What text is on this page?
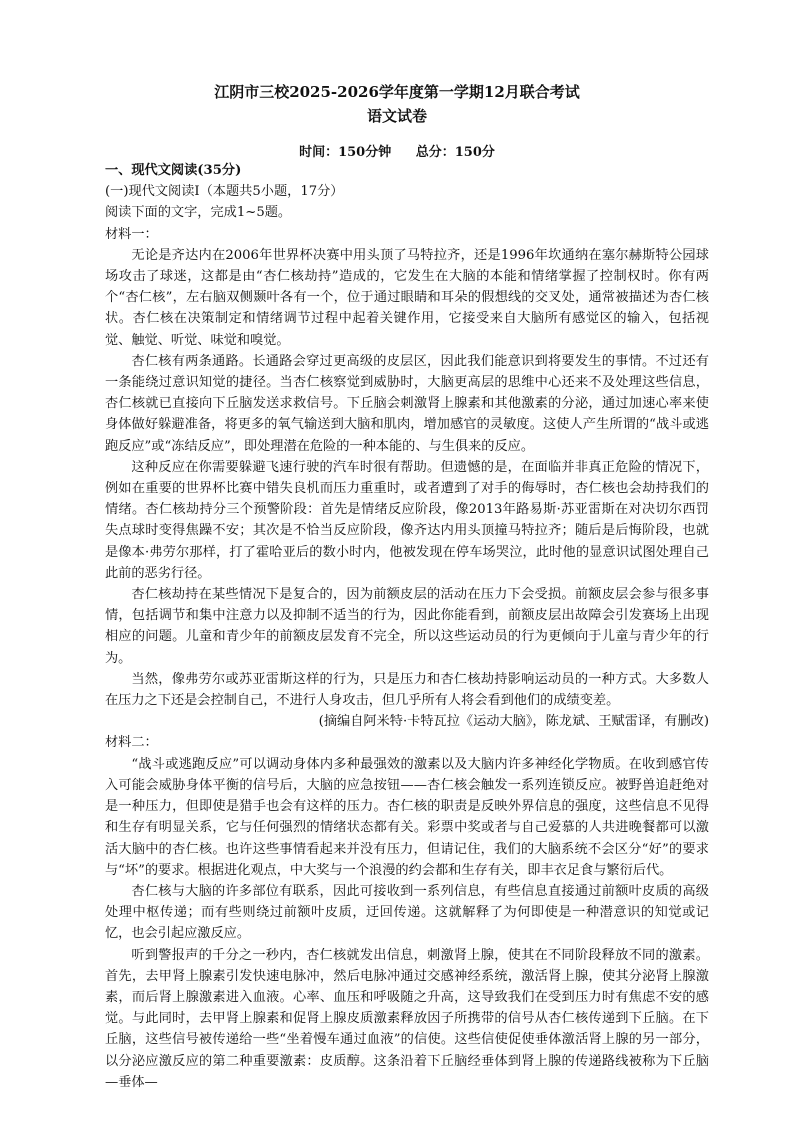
江阴市三校2025-2026学年度第一学期12月联合考试
语文试卷
时间：150分钟 总分：150分

一、现代文阅读(35分)

(一)现代文阅读Ⅰ（本题共5小题，17分）

阅读下面的文字，完成1~5题。

材料一：

无论是齐达内在2006年世界杯决赛中用头顶了马特拉齐，还是1996年坎通纳在塞尔赫斯特公园球场攻击了球迷，这都是由“杏仁核劫持”造成的，它发生在大脑的本能和情绪掌握了控制权时。你有两个“杏仁核”，左右脑双侧颞叶各有一个，位于通过眼睛和耳朵的假想线的交叉处，通常被描述为杏仁核状。杏仁核在决策制定和情绪调节过程中起着关键作用，它接受来自大脑所有感觉区的输入，包括视觉、触觉、听觉、味觉和嗅觉。

杏仁核有两条通路。长通路会穿过更高级的皮层区，因此我们能意识到将要发生的事情。不过还有一条能绕过意识知觉的捷径。当杏仁核察觉到威胁时，大脑更高层的思维中心还来不及处理这些信息，杏仁核就已直接向下丘脑发送求救信号。下丘脑会刺激肾上腺素和其他激素的分泌，通过加速心率来使身体做好躲避准备，将更多的氧气输送到大脑和肌肉，增加感官的灵敏度。这使人产生所谓的“战斗或逃跑反应”或“冻结反应”，即处理潜在危险的一种本能的、与生俱来的反应。

这种反应在你需要躲避飞速行驶的汽车时很有帮助。但遗憾的是，在面临并非真正危险的情况下，例如在重要的世界杯比赛中错失良机而压力重重时，或者遭到了对手的侮辱时，杏仁核也会劫持我们的情绪。杏仁核劫持分三个预警阶段：首先是情绪反应阶段，像2013年路易斯·苏亚雷斯在对决切尔西罚失点球时变得焦躁不安；其次是不恰当反应阶段，像齐达内用头顶撞马特拉齐；随后是后悔阶段，也就是像本·弗劳尔那样，打了霍哈亚后的数小时内，他被发现在停车场哭泣，此时他的显意识试图处理自己此前的恶劣行径。

杏仁核劫持在某些情况下是复合的，因为前额皮层的活动在压力下会受损。前额皮层会参与很多事情，包括调节和集中注意力以及抑制不适当的行为，因此你能看到，前额皮层出故障会引发赛场上出现相应的问题。儿童和青少年的前额皮层发育不完全，所以这些运动员的行为更倾向于儿童与青少年的行为。

当然，像弗劳尔或苏亚雷斯这样的行为，只是压力和杏仁核劫持影响运动员的一种方式。大多数人在压力之下还是会控制自己，不进行人身攻击，但几乎所有人将会看到他们的成绩变差。

(摘编自阿米特·卡特瓦拉《运动大脑》，陈龙斌、王赋雷译，有删改)

材料二：

“战斗或逃跑反应”可以调动身体内多种最强效的激素以及大脑内许多神经化学物质。在收到感官传入可能会威胁身体平衡的信号后，大脑的应急按钮——杏仁核会触发一系列连锁反应。被野兽追赶绝对是一种压力，但即使是猎手也会有这样的压力。杏仁核的职责是反映外界信息的强度，这些信息不见得和生存有明显关系，它与任何强烈的情绪状态都有关。彩票中奖或者与自己爱慕的人共进晚餐都可以激活大脑中的杏仁核。也许这些事情看起来并没有压力，但请记住，我们的大脑系统不会区分“好”的要求与“坏”的要求。根据进化观点，中大奖与一个浪漫的约会都和生存有关，即丰衣足食与繁衍后代。

杏仁核与大脑的许多部位有联系，因此可接收到一系列信息，有些信息直接通过前额叶皮质的高级处理中枢传递；而有些则绕过前额叶皮质，迂回传递。这就解释了为何即使是一种潜意识的知觉或记忆，也会引起应激反应。

听到警报声的千分之一秒内，杏仁核就发出信息，刺激肾上腺，使其在不同阶段释放不同的激素。首先，去甲肾上腺素引发快速电脉冲，然后电脉冲通过交感神经系统，激活肾上腺，使其分泌肾上腺激素，而后肾上腺激素进入血液。心率、血压和呼吸随之升高，这导致我们在受到压力时有焦虑不安的感觉。与此同时，去甲肾上腺素和促肾上腺皮质激素释放因子所携带的信号从杏仁核传递到下丘脑。在下丘脑，这些信号被传递给一些“坐着慢车通过血液”的信使。这些信使促使垂体激活肾上腺的另一部分，以分泌应激反应的第二种重要激素：皮质醇。这条沿着下丘脑经垂体到肾上腺的传递路线被称为下丘脑—垂体—
